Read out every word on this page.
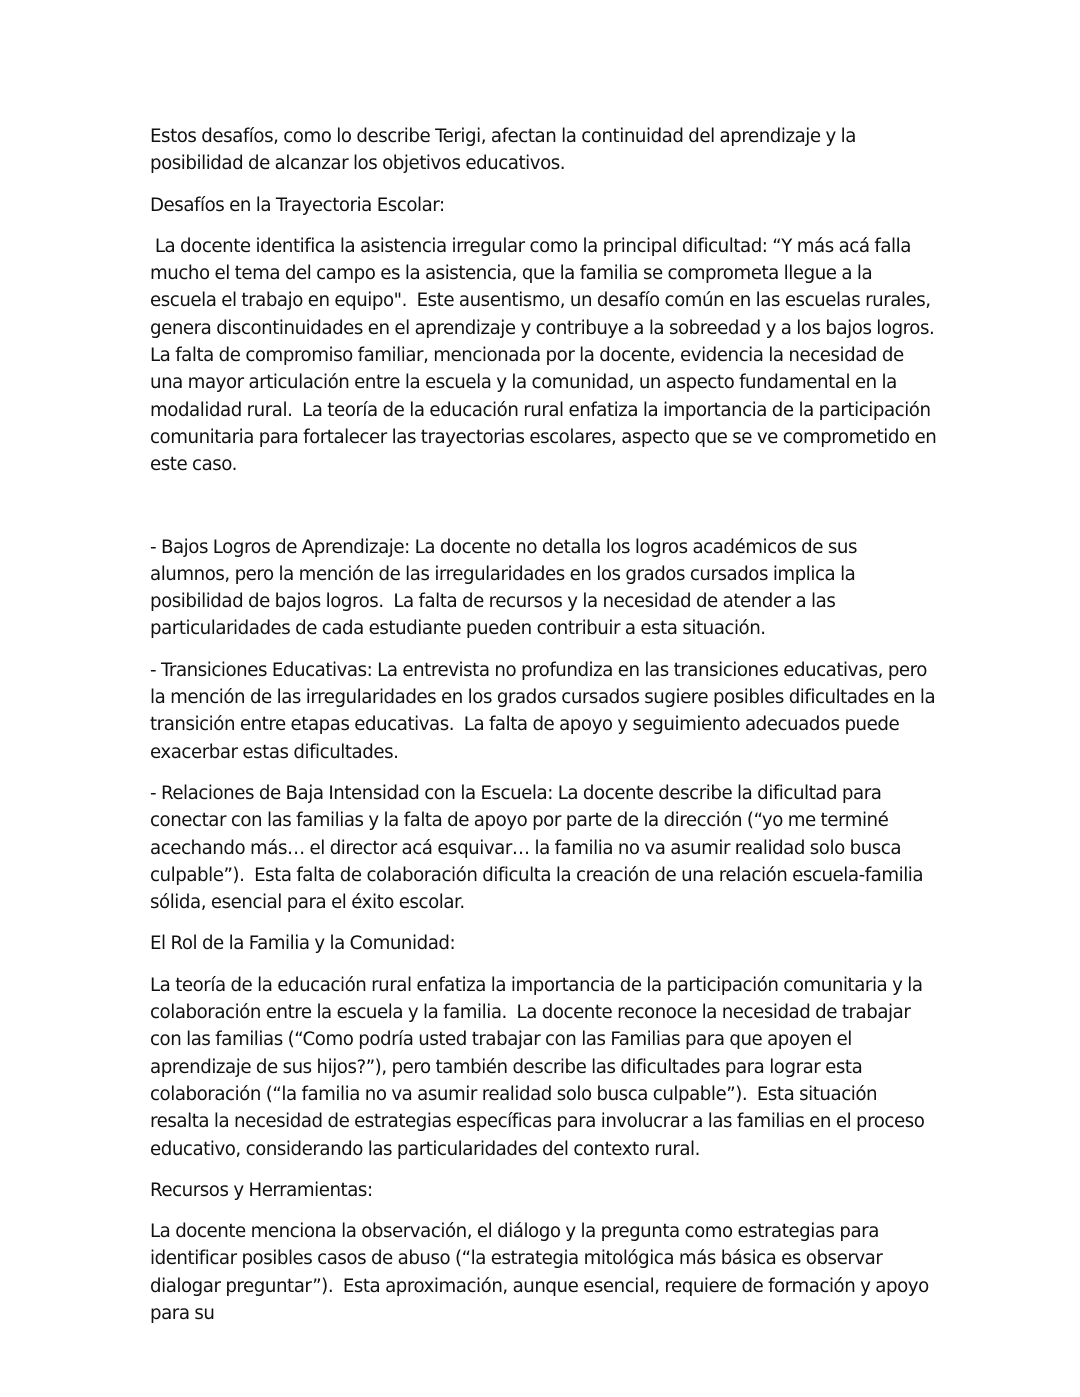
Estos desafíos, como lo describe Terigi, afectan la continuidad del aprendizaje y la posibilidad de alcanzar los objetivos educativos.

Desafíos en la Trayectoria Escolar:

La docente identifica la asistencia irregular como la principal dificultad: “Y más acá falla mucho el tema del campo es la asistencia, que la familia se comprometa llegue a la escuela el trabajo en equipo".  Este ausentismo, un desafío común en las escuelas rurales, genera discontinuidades en el aprendizaje y contribuye a la sobreedad y a los bajos logros.  La falta de compromiso familiar, mencionada por la docente, evidencia la necesidad de una mayor articulación entre la escuela y la comunidad, un aspecto fundamental en la modalidad rural.  La teoría de la educación rural enfatiza la importancia de la participación comunitaria para fortalecer las trayectorias escolares, aspecto que se ve comprometido en este caso.

- Bajos Logros de Aprendizaje: La docente no detalla los logros académicos de sus alumnos, pero la mención de las irregularidades en los grados cursados implica la posibilidad de bajos logros.  La falta de recursos y la necesidad de atender a las particularidades de cada estudiante pueden contribuir a esta situación.

- Transiciones Educativas: La entrevista no profundiza en las transiciones educativas, pero la mención de las irregularidades en los grados cursados sugiere posibles dificultades en la transición entre etapas educativas.  La falta de apoyo y seguimiento adecuados puede exacerbar estas dificultades.

- Relaciones de Baja Intensidad con la Escuela: La docente describe la dificultad para conectar con las familias y la falta de apoyo por parte de la dirección (“yo me terminé acechando más… el director acá esquivar… la familia no va asumir realidad solo busca culpable”).  Esta falta de colaboración dificulta la creación de una relación escuela-familia sólida, esencial para el éxito escolar.

El Rol de la Familia y la Comunidad:

La teoría de la educación rural enfatiza la importancia de la participación comunitaria y la colaboración entre la escuela y la familia.  La docente reconoce la necesidad de trabajar con las familias (“Como podría usted trabajar con las Familias para que apoyen el aprendizaje de sus hijos?”), pero también describe las dificultades para lograr esta colaboración (“la familia no va asumir realidad solo busca culpable”).  Esta situación resalta la necesidad de estrategias específicas para involucrar a las familias en el proceso educativo, considerando las particularidades del contexto rural.

Recursos y Herramientas:

La docente menciona la observación, el diálogo y la pregunta como estrategias para identificar posibles casos de abuso (“la estrategia mitológica más básica es observar dialogar preguntar”).  Esta aproximación, aunque esencial, requiere de formación y apoyo para su
